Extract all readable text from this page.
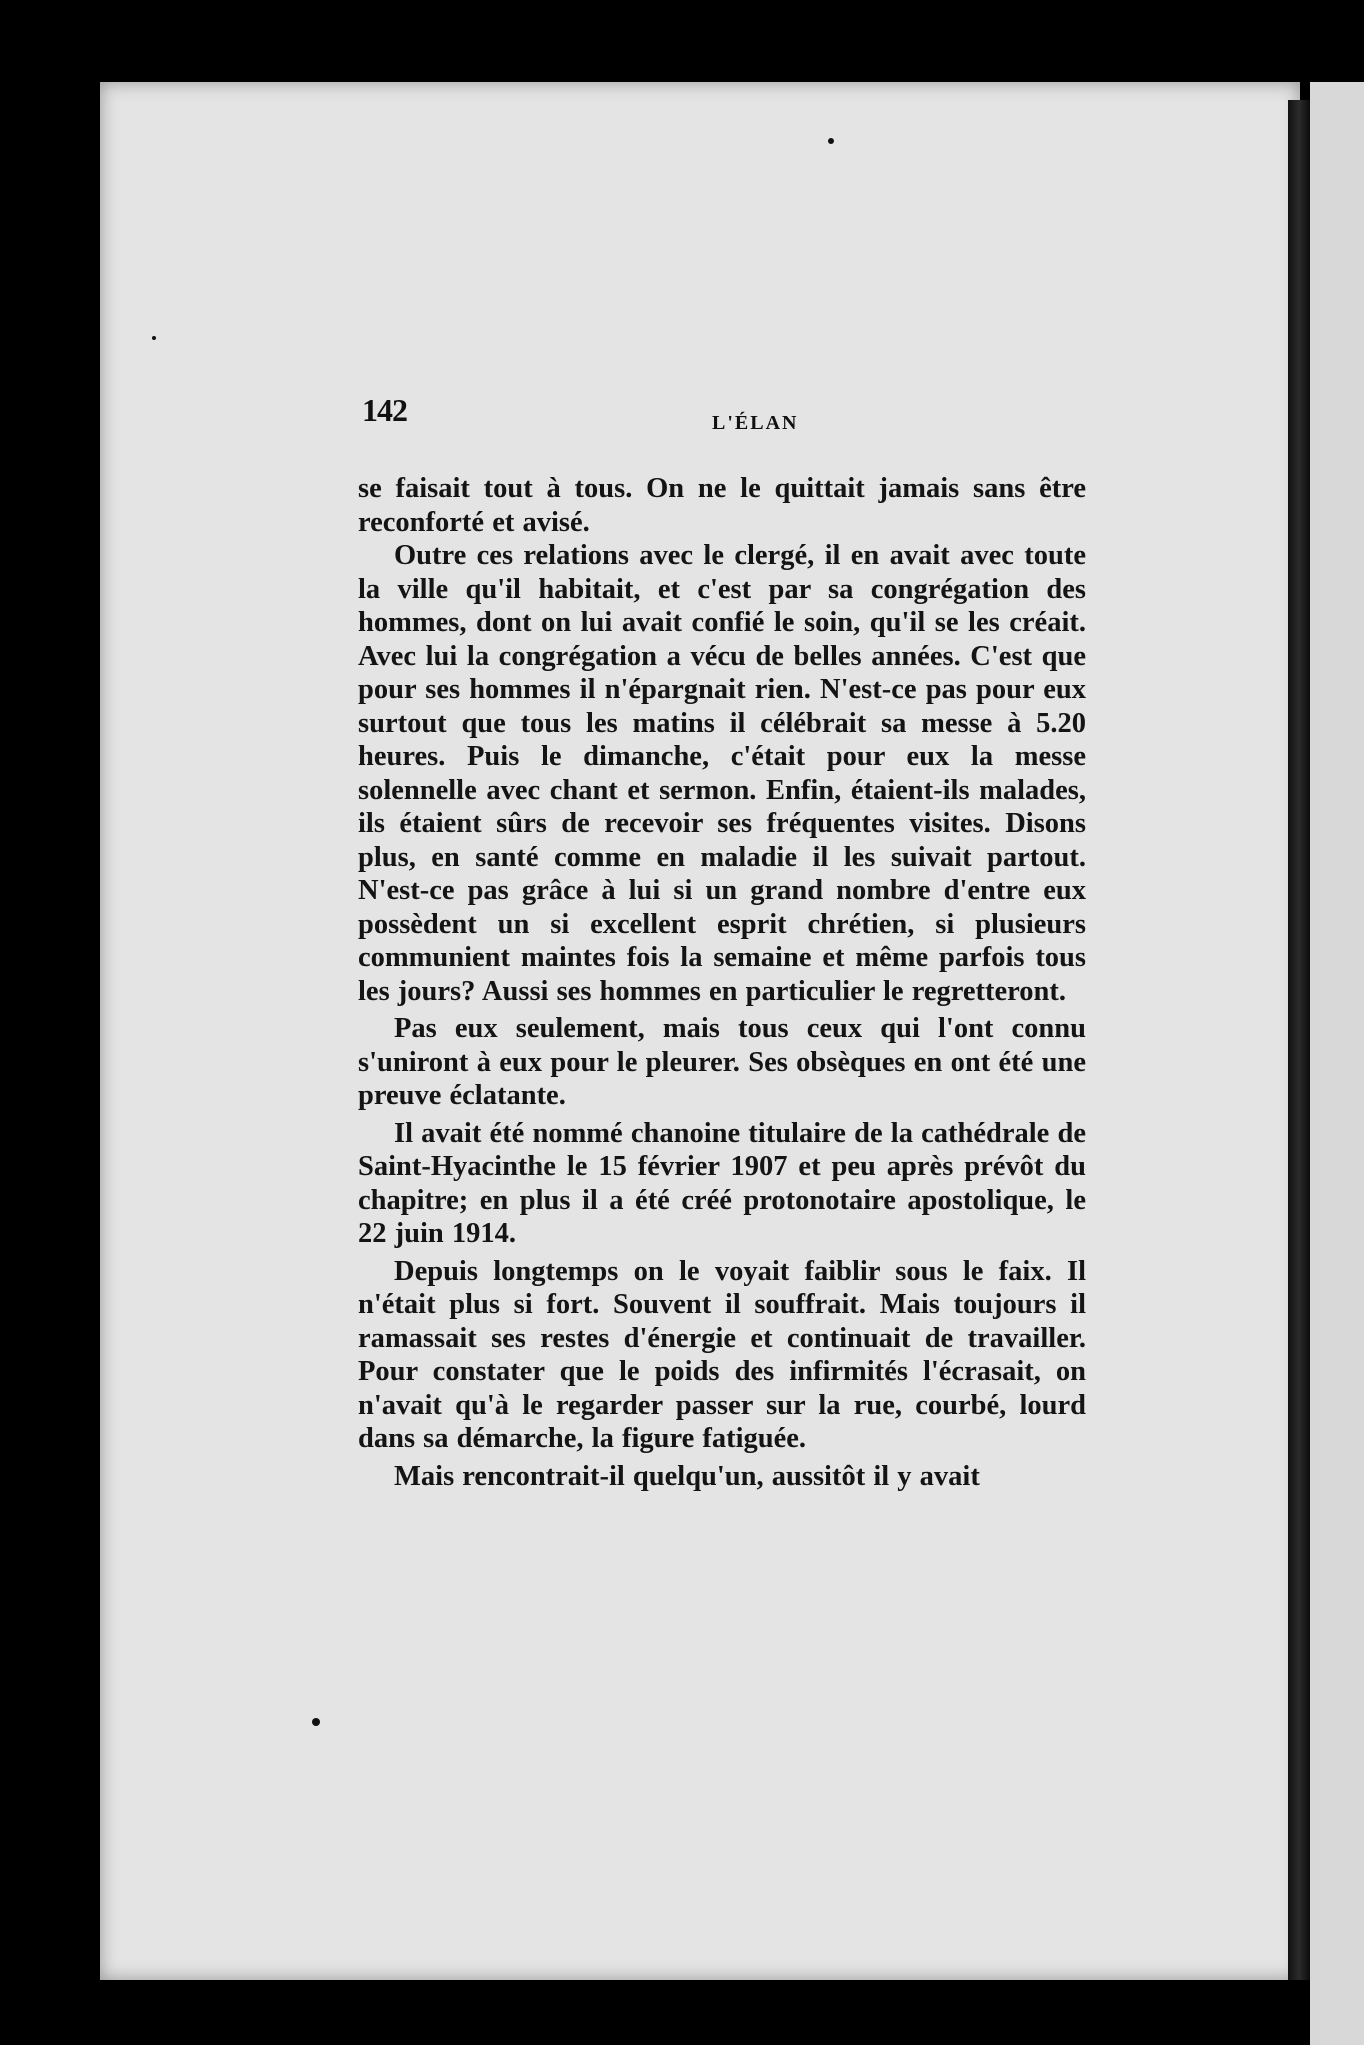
142	L'ÉLAN

se faisait tout à tous. On ne le quittait jamais sans être reconforté et avisé.

Outre ces relations avec le clergé, il en avait avec toute la ville qu'il habitait, et c'est par sa congrégation des hommes, dont on lui avait confié le soin, qu'il se les créait. Avec lui la congrégation a vécu de belles années. C'est que pour ses hommes il n'épargnait rien. N'est-ce pas pour eux surtout que tous les matins il célébrait sa messe à 5.20 heures. Puis le dimanche, c'était pour eux la messe solennelle avec chant et sermon. Enfin, étaient-ils malades, ils étaient sûrs de recevoir ses fréquentes visites. Disons plus, en santé comme en maladie il les suivait partout. N'est-ce pas grâce à lui si un grand nombre d'entre eux possèdent un si excellent esprit chrétien, si plusieurs communient maintes fois la semaine et même parfois tous les jours? Aussi ses hommes en particulier le regretteront.

Pas eux seulement, mais tous ceux qui l'ont connu s'uniront à eux pour le pleurer. Ses obsèques en ont été une preuve éclatante.

Il avait été nommé chanoine titulaire de la cathédrale de Saint-Hyacinthe le 15 février 1907 et peu après prévôt du chapitre; en plus il a été créé protonotaire apostolique, le 22 juin 1914.

Depuis longtemps on le voyait faiblir sous le faix. Il n'était plus si fort. Souvent il souffrait. Mais toujours il ramassait ses restes d'énergie et continuait de travailler. Pour constater que le poids des infirmités l'écrasait, on n'avait qu'à le regarder passer sur la rue, courbé, lourd dans sa démarche, la figure fatiguée.

Mais rencontrait-il quelqu'un, aussitôt il y avait
